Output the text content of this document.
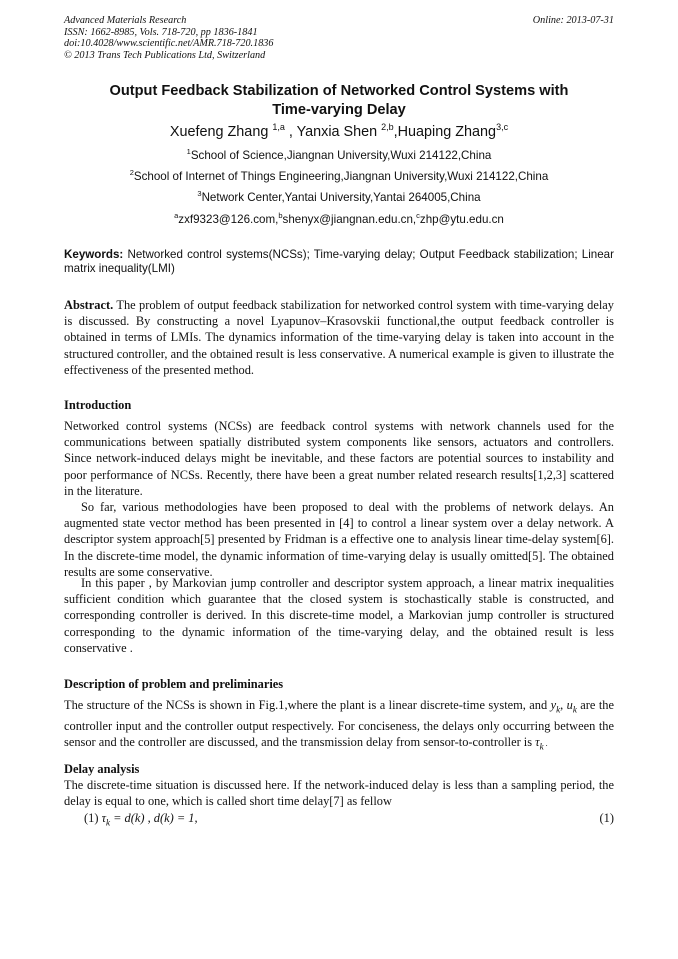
Advanced Materials Research	Online: 2013-07-31
ISSN: 1662-8985, Vols. 718-720, pp 1836-1841
doi:10.4028/www.scientific.net/AMR.718-720.1836
© 2013 Trans Tech Publications Ltd, Switzerland
Output Feedback Stabilization of Networked Control Systems with
Time-varying Delay
Xuefeng Zhang $^{1,a}$ , Yanxia Shen $^{2,b}$,Huaping Zhang$^{3,c}$
$^1$School of Science,Jiangnan University,Wuxi 214122,China
$^2$School of Internet of Things Engineering,Jiangnan University,Wuxi 214122,China
$^3$Network Center,Yantai University,Yantai 264005,China
$^a$zxf9323@126.com,$^b$shenyx@jiangnan.edu.cn,$^c$zhp@ytu.edu.cn
Keywords: Networked control systems(NCSs); Time-varying delay; Output Feedback stabilization; Linear matrix inequality(LMI)
Abstract. The problem of output feedback stabilization for networked control system with time-varying delay is discussed. By constructing a novel Lyapunov–Krasovskii functional,the output feedback controller is obtained in terms of LMIs. The dynamics information of the time-varying delay is taken into account in the structured controller, and the obtained result is less conservative. A numerical example is given to illustrate the effectiveness of the presented method.
Introduction
Networked control systems (NCSs) are feedback control systems with network channels used for the communications between spatially distributed system components like sensors, actuators and controllers. Since network-induced delays might be inevitable, and these factors are potential sources to instability and poor performance of NCSs. Recently, there have been a great number related research results[1,2,3] scattered in the literature.
So far, various methodologies have been proposed to deal with the problems of network delays. An augmented state vector method has been presented in [4] to control a linear system over a delay network. A descriptor system approach[5] presented by Fridman is a effective one to analysis linear time-delay system[6]. In the discrete-time model, the dynamic information of time-varying delay is usually omitted[5]. The obtained results are some conservative.
In this paper , by Markovian jump controller and descriptor system approach, a linear matrix inequalities sufficient condition which guarantee that the closed system is stochastically stable is constructed, and corresponding controller is derived. In this discrete-time model, a Markovian jump controller is structured corresponding to the dynamic information of the time-varying delay, and the obtained result is less conservative .
Description of problem and preliminaries
The structure of the NCSs is shown in Fig.1,where the plant is a linear discrete-time system, and $y_k$, $u_k$ are the controller input and the controller output respectively. For conciseness, the delays only occurring between the sensor and the controller are discussed, and the transmission delay from sensor-to-controller is $\tau_k$ .
Delay analysis
The discrete-time situation is discussed here. If the network-induced delay is less than a sampling period, the delay is equal to one, which is called short time delay[7] as fellow
(1) $\tau_k = d(k)$ , d(k) = 1,	(1)
